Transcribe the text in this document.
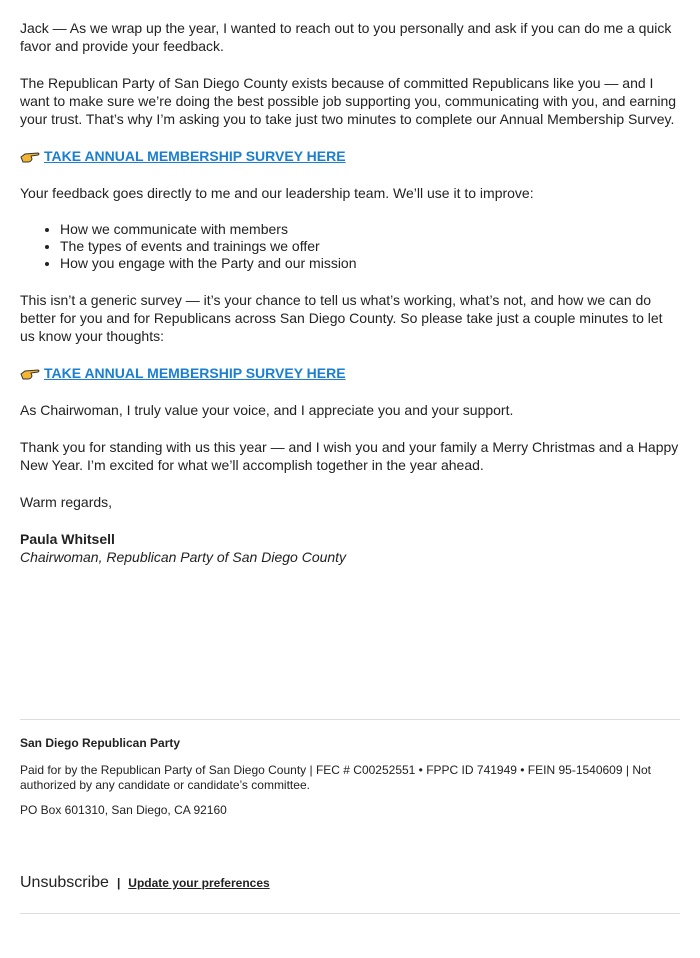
Jack — As we wrap up the year, I wanted to reach out to you personally and ask if you can do me a quick favor and provide your feedback.

The Republican Party of San Diego County exists because of committed Republicans like you — and I want to make sure we’re doing the best possible job supporting you, communicating with you, and earning your trust. That’s why I’m asking you to take just two minutes to complete our Annual Membership Survey.

TAKE ANNUAL MEMBERSHIP SURVEY HERE

Your feedback goes directly to me and our leadership team. We’ll use it to improve:

• How we communicate with members
• The types of events and trainings we offer
• How you engage with the Party and our mission

This isn’t a generic survey — it’s your chance to tell us what’s working, what’s not, and how we can do better for you and for Republicans across San Diego County. So please take just a couple minutes to let us know your thoughts:

TAKE ANNUAL MEMBERSHIP SURVEY HERE

As Chairwoman, I truly value your voice, and I appreciate you and your support.

Thank you for standing with us this year — and I wish you and your family a Merry Christmas and a Happy New Year. I’m excited for what we’ll accomplish together in the year ahead.

Warm regards,

Paula Whitsell
Chairwoman, Republican Party of San Diego County

San Diego Republican Party

Paid for by the Republican Party of San Diego County | FEC # C00252551 • FPPC ID 741949 • FEIN 95-1540609 | Not authorized by any candidate or candidate’s committee.

PO Box 601310, San Diego, CA 92160

Unsubscribe | Update your preferences
